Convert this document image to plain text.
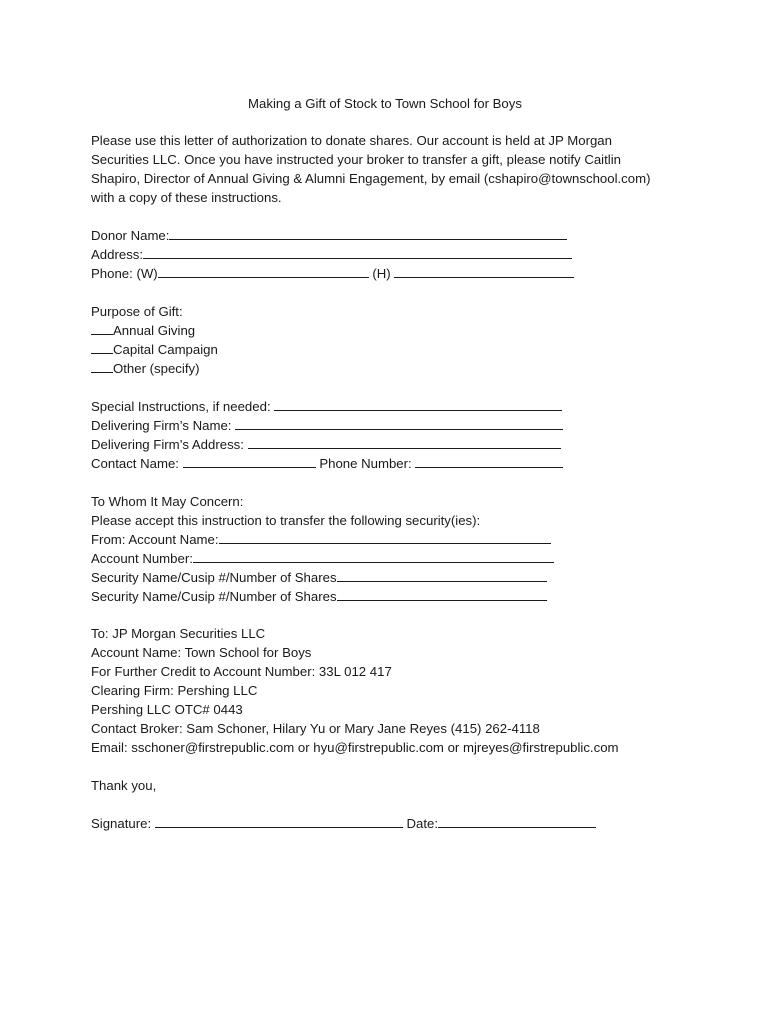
Making a Gift of Stock to Town School for Boys
Please use this letter of authorization to donate shares. Our account is held at JP Morgan
Securities LLC. Once you have instructed your broker to transfer a gift, please notify Caitlin
Shapiro, Director of Annual Giving & Alumni Engagement, by email (cshapiro@townschool.com)
with a copy of these instructions.
Donor Name:
Address:
Phone: (W)	(H)
Purpose of Gift:
Annual Giving
Capital Campaign
Other (specify)
Special Instructions, if needed:
Delivering Firm’s Name:
Delivering Firm’s Address:
Contact Name:	Phone Number:
To Whom It May Concern:
Please accept this instruction to transfer the following security(ies):
From: Account Name:
Account Number:
Security Name/Cusip #/Number of Shares
Security Name/Cusip #/Number of Shares
To: JP Morgan Securities LLC
Account Name: Town School for Boys
For Further Credit to Account Number: 33L 012 417
Clearing Firm: Pershing LLC
Pershing LLC OTC# 0443
Contact Broker: Sam Schoner, Hilary Yu or Mary Jane Reyes (415) 262-4118
Email: sschoner@firstrepublic.com or hyu@firstrepublic.com or mjreyes@firstrepublic.com
Thank you,
Signature:	Date:
